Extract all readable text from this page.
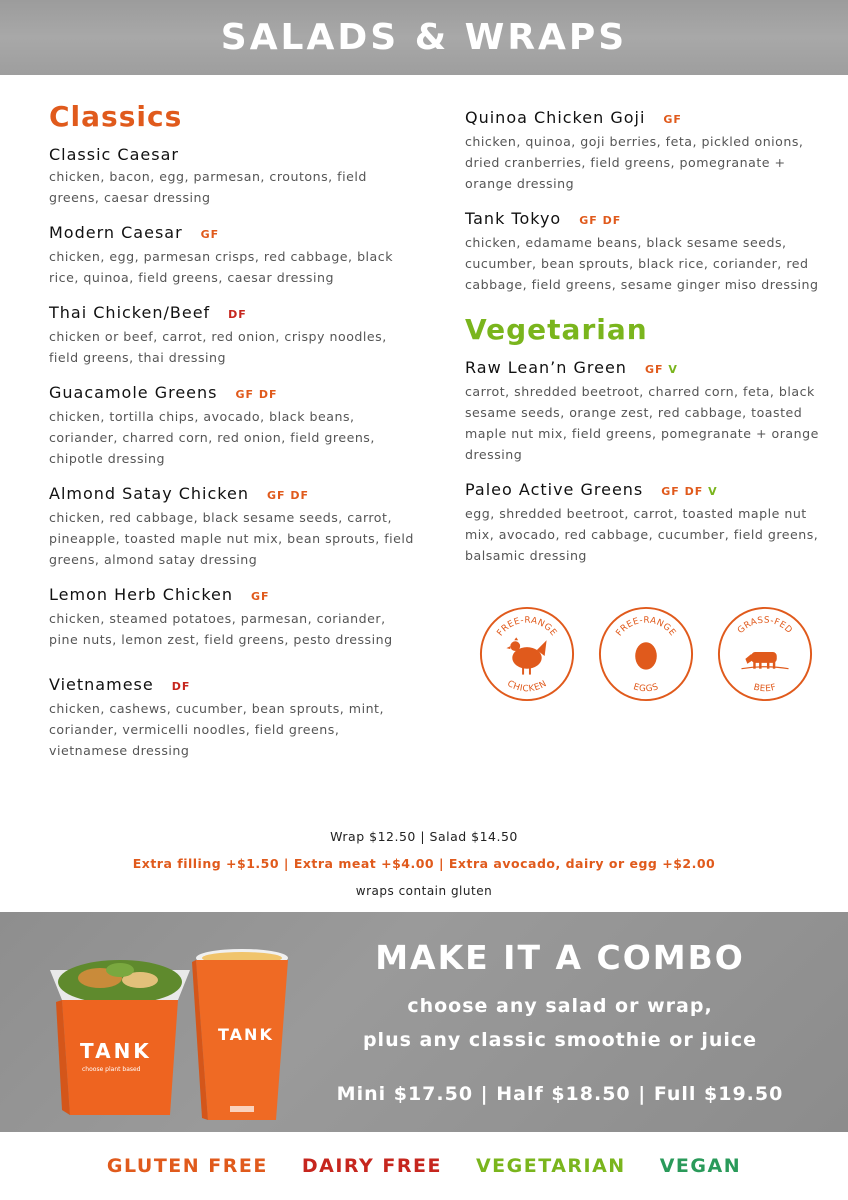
SALADS & WRAPS
Classics
Classic Caesar
chicken, bacon, egg, parmesan, croutons, field greens, caesar dressing
Modern Caesar GF
chicken, egg, parmesan crisps, red cabbage, black rice, quinoa, field greens, caesar dressing
Thai Chicken/Beef DF
chicken or beef, carrot, red onion, crispy noodles, field greens, thai dressing
Guacamole Greens GF DF
chicken, tortilla chips, avocado, black beans, coriander, charred corn, red onion, field greens, chipotle dressing
Almond Satay Chicken GF DF
chicken, red cabbage, black sesame seeds, carrot, pineapple, toasted maple nut mix, bean sprouts, field greens, almond satay dressing
Lemon Herb Chicken GF
chicken, steamed potatoes, parmesan, coriander, pine nuts, lemon zest, field greens, pesto dressing
Vietnamese DF
chicken, cashews, cucumber, bean sprouts, mint, coriander, vermicelli noodles, field greens, vietnamese dressing
Quinoa Chicken Goji GF
chicken, quinoa, goji berries, feta, pickled onions, dried cranberries, field greens, pomegranate + orange dressing
Tank Tokyo GF DF
chicken, edamame beans, black sesame seeds, cucumber, bean sprouts, black rice, coriander, red cabbage, field greens, sesame ginger miso dressing
Vegetarian
Raw Lean’n Green GF V
carrot, shredded beetroot, charred corn, feta, black sesame seeds, orange zest, red cabbage, toasted maple nut mix, field greens, pomegranate + orange dressing
Paleo Active Greens GF DF V
egg, shredded beetroot, carrot, toasted maple nut mix, avocado, red cabbage, cucumber, field greens, balsamic dressing
FREE-RANGE
CHICKEN
FREE-RANGE
EGGS
GRASS-FED
BEEF
Wrap $12.50 | Salad $14.50
Extra filling +$1.50 | Extra meat +$4.00 | Extra avocado, dairy or egg +$2.00
wraps contain gluten
TANK
choose plant based
TANK
MAKE IT A COMBO
choose any salad or wrap,
plus any classic smoothie or juice
Mini $17.50 | Half $18.50 | Full $19.50
GLUTEN FREE DAIRY FREE VEGETARIAN VEGAN
